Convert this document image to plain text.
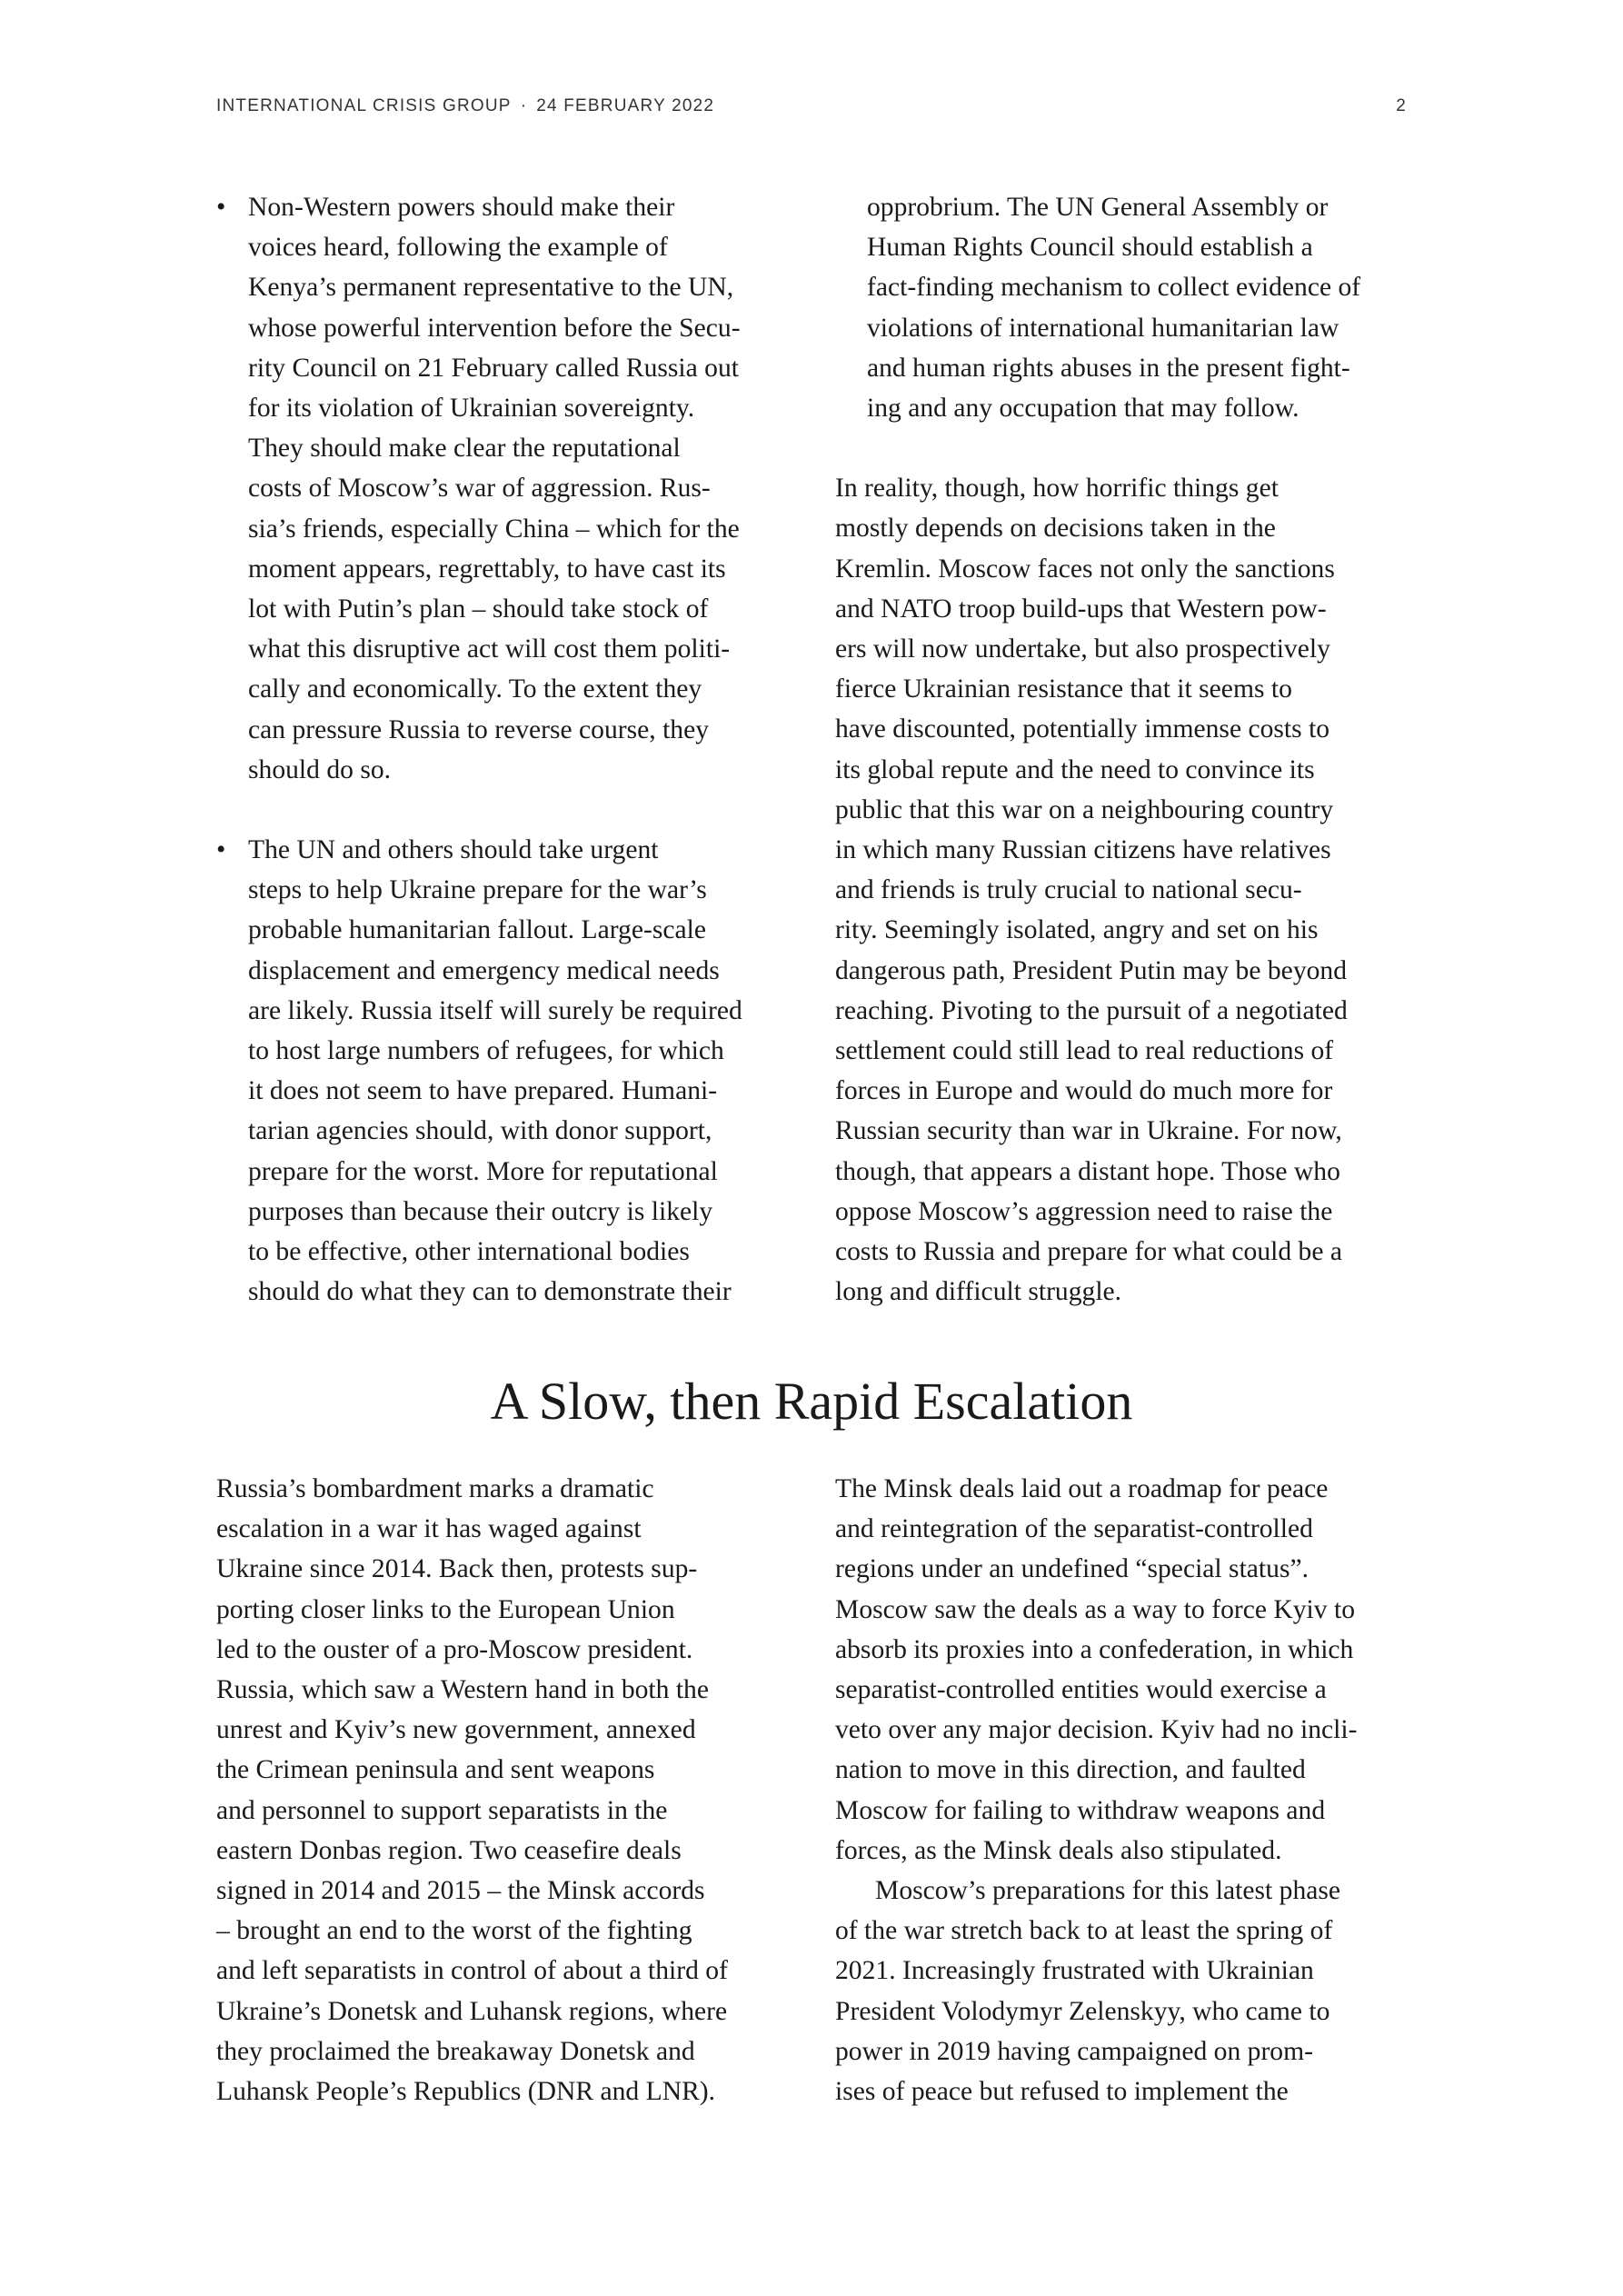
INTERNATIONAL CRISIS GROUP · 24 FEBRUARY 2022	2
• Non-Western powers should make their
voices heard, following the example of
Kenya’s permanent representative to the UN,
whose powerful intervention before the Secu-
rity Council on 21 February called Russia out
for its violation of Ukrainian sovereignty.
They should make clear the reputational
costs of Moscow’s war of aggression. Rus-
sia’s friends, especially China – which for the
moment appears, regrettably, to have cast its
lot with Putin’s plan – should take stock of
what this disruptive act will cost them politi-
cally and economically. To the extent they
can pressure Russia to reverse course, they
should do so.
• The UN and others should take urgent
steps to help Ukraine prepare for the war’s
probable humanitarian fallout. Large-scale
displacement and emergency medical needs
are likely. Russia itself will surely be required
to host large numbers of refugees, for which
it does not seem to have prepared. Humani-
tarian agencies should, with donor support,
prepare for the worst. More for reputational
purposes than because their outcry is likely
to be effective, other international bodies
should do what they can to demonstrate their
opprobrium. The UN General Assembly or
Human Rights Council should establish a
fact-finding mechanism to collect evidence of
violations of international humanitarian law
and human rights abuses in the present fight-
ing and any occupation that may follow.

In reality, though, how horrific things get
mostly depends on decisions taken in the
Kremlin. Moscow faces not only the sanctions
and NATO troop build-ups that Western pow-
ers will now undertake, but also prospectively
fierce Ukrainian resistance that it seems to
have discounted, potentially immense costs to
its global repute and the need to convince its
public that this war on a neighbouring country
in which many Russian citizens have relatives
and friends is truly crucial to national secu-
rity. Seemingly isolated, angry and set on his
dangerous path, President Putin may be beyond
reaching. Pivoting to the pursuit of a negotiated
settlement could still lead to real reductions of
forces in Europe and would do much more for
Russian security than war in Ukraine. For now,
though, that appears a distant hope. Those who
oppose Moscow’s aggression need to raise the
costs to Russia and prepare for what could be a
long and difficult struggle.

A Slow, then Rapid Escalation

Russia’s bombardment marks a dramatic
escalation in a war it has waged against
Ukraine since 2014. Back then, protests sup-
porting closer links to the European Union
led to the ouster of a pro-Moscow president.
Russia, which saw a Western hand in both the
unrest and Kyiv’s new government, annexed
the Crimean peninsula and sent weapons
and personnel to support separatists in the
eastern Donbas region. Two ceasefire deals
signed in 2014 and 2015 – the Minsk accords
– brought an end to the worst of the fighting
and left separatists in control of about a third of
Ukraine’s Donetsk and Luhansk regions, where
they proclaimed the breakaway Donetsk and
Luhansk People’s Republics (DNR and LNR).

The Minsk deals laid out a roadmap for peace
and reintegration of the separatist-controlled
regions under an undefined “special status”.
Moscow saw the deals as a way to force Kyiv to
absorb its proxies into a confederation, in which
separatist-controlled entities would exercise a
veto over any major decision. Kyiv had no incli-
nation to move in this direction, and faulted
Moscow for failing to withdraw weapons and
forces, as the Minsk deals also stipulated.

Moscow’s preparations for this latest phase
of the war stretch back to at least the spring of
2021. Increasingly frustrated with Ukrainian
President Volodymyr Zelenskyy, who came to
power in 2019 having campaigned on prom-
ises of peace but refused to implement the
